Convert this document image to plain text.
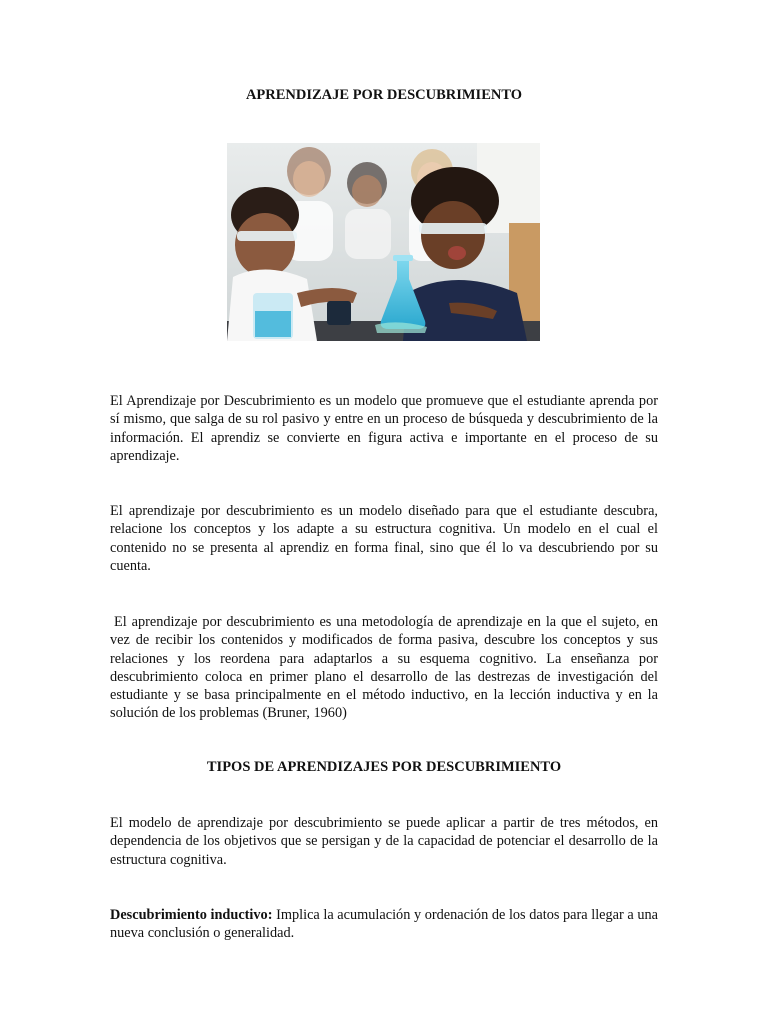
APRENDIZAJE POR DESCUBRIMIENTO

El Aprendizaje por Descubrimiento es un modelo que promueve que el estudiante aprenda por sí mismo, que salga de su rol pasivo y entre en un proceso de búsqueda y descubrimiento de la información. El aprendiz se convierte en figura activa e importante en el proceso de su aprendizaje.

El aprendizaje por descubrimiento es un modelo diseñado para que el estudiante descubra, relacione los conceptos y los adapte a su estructura cognitiva. Un modelo en el cual el contenido no se presenta al aprendiz en forma final, sino que él lo va descubriendo por su cuenta.

El aprendizaje por descubrimiento es una metodología de aprendizaje en la que el sujeto, en vez de recibir los contenidos y modificados de forma pasiva, descubre los conceptos y sus relaciones y los reordena para adaptarlos a su esquema cognitivo. La enseñanza por descubrimiento coloca en primer plano el desarrollo de las destrezas de investigación del estudiante y se basa principalmente en el método inductivo, en la lección inductiva y en la solución de los problemas (Bruner, 1960)

TIPOS DE APRENDIZAJES POR DESCUBRIMIENTO

El modelo de aprendizaje por descubrimiento se puede aplicar a partir de tres métodos, en dependencia de los objetivos que se persigan y de la capacidad de potenciar el desarrollo de la estructura cognitiva.

Descubrimiento inductivo: Implica la acumulación y ordenación de los datos para llegar a una nueva conclusión o generalidad.
